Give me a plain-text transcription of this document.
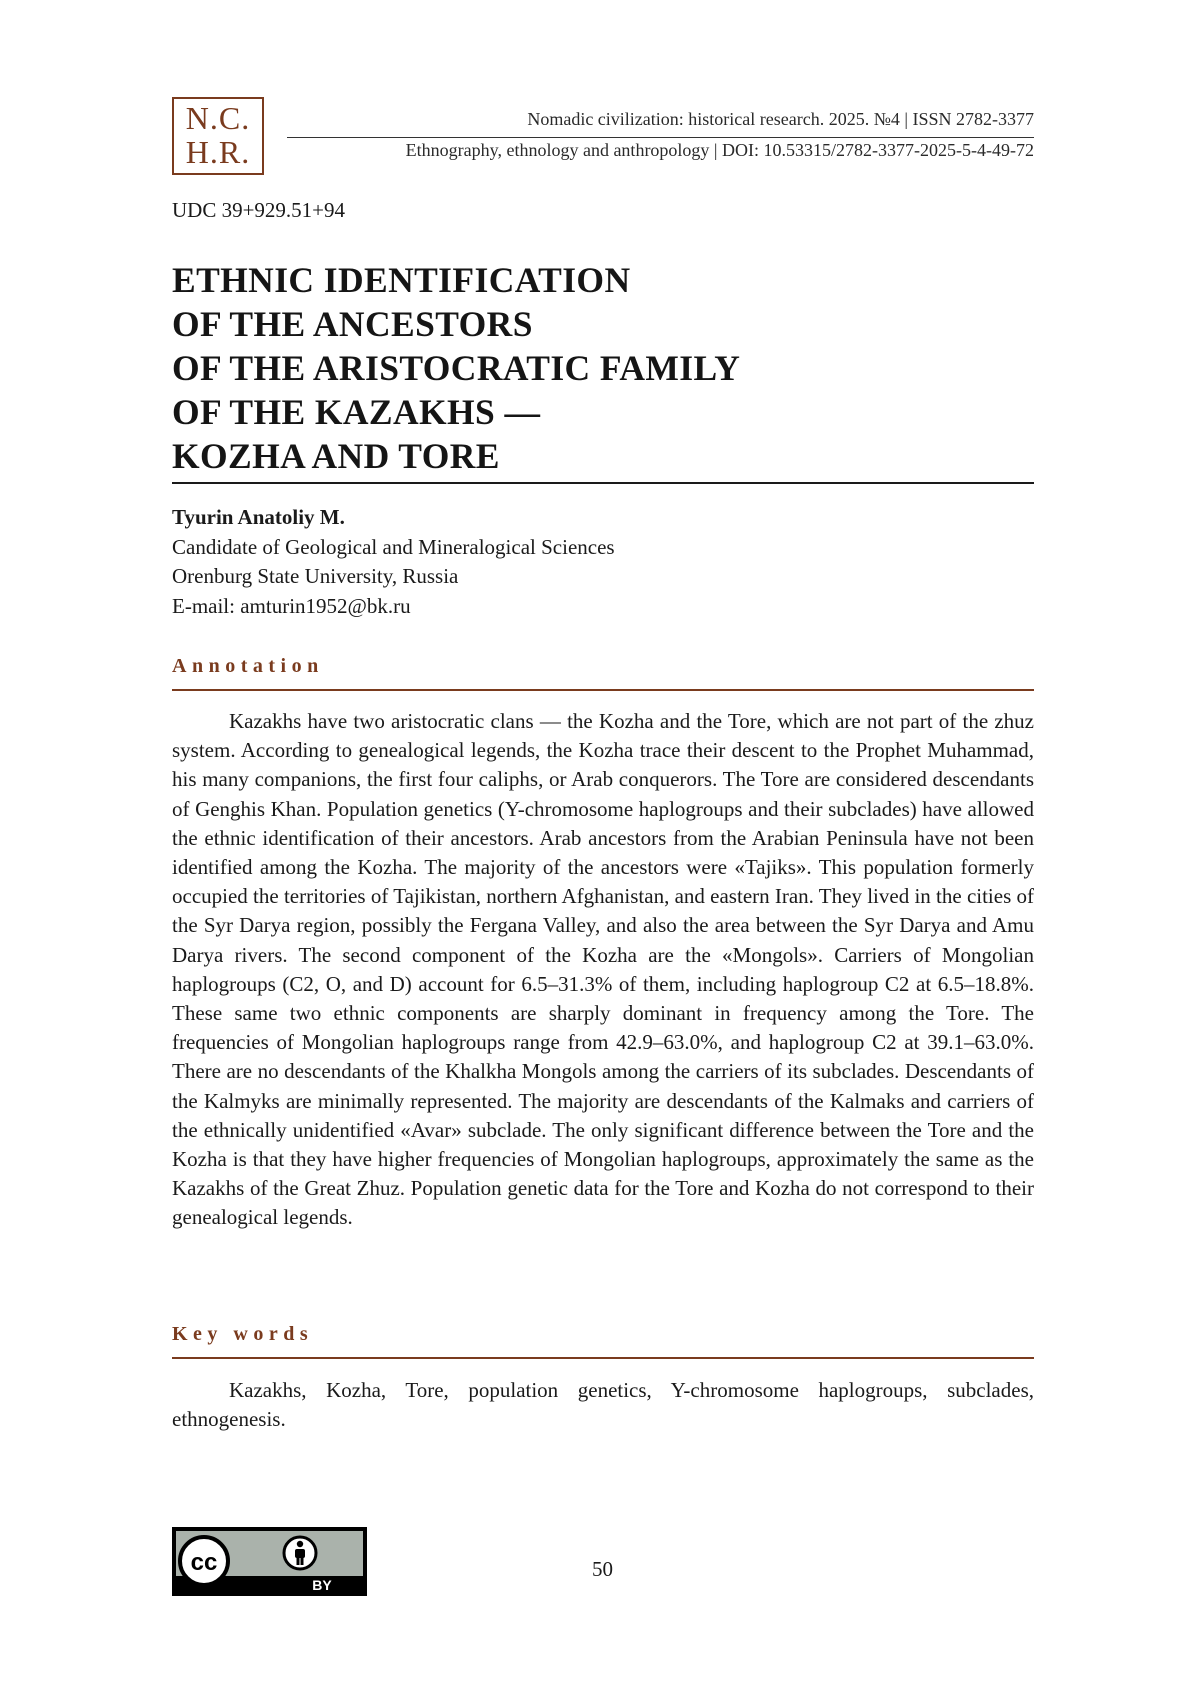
N.C.
H.R.
Nomadic civilization: historical research. 2025. №4 | ISSN 2782-3377
Ethnography, ethnology and anthropology | DOI: 10.53315/2782-3377-2025-5-4-49-72
UDC 39+929.51+94
ETHNIC IDENTIFICATION
OF THE ANCESTORS
OF THE ARISTOCRATIC FAMILY
OF THE KAZAKHS —
KOZHA AND TORE
Tyurin Anatoliy M.
Candidate of Geological and Mineralogical Sciences
Orenburg State University, Russia
E-mail: amturin1952@bk.ru
Annotation

Kazakhs have two aristocratic clans — the Kozha and the Tore, which are not part of the zhuz system. According to genealogical legends, the Kozha trace their descent to the Prophet Muhammad, his many companions, the first four caliphs, or Arab conquerors. The Tore are considered descendants of Genghis Khan. Population genetics (Y-chromosome haplogroups and their subclades) have allowed the ethnic identification of their ancestors. Arab ancestors from the Arabian Peninsula have not been identified among the Kozha. The majority of the ancestors were «Tajiks». This population formerly occupied the territories of Tajikistan, northern Afghanistan, and eastern Iran. They lived in the cities of the Syr Darya region, possibly the Fergana Valley, and also the area between the Syr Darya and Amu Darya rivers. The second component of the Kozha are the «Mongols». Carriers of Mongolian haplogroups (C2, O, and D) account for 6.5–31.3% of them, including haplogroup C2 at 6.5–18.8%. These same two ethnic components are sharply dominant in frequency among the Tore. The frequencies of Mongolian haplogroups range from 42.9–63.0%, and haplogroup C2 at 39.1–63.0%. There are no descendants of the Khalkha Mongols among the carriers of its subclades. Descendants of the Kalmyks are minimally represented. The majority are descendants of the Kalmaks and carriers of the ethnically unidentified «Avar» subclade. The only significant difference between the Tore and the Kozha is that they have higher frequencies of Mongolian haplogroups, approximately the same as the Kazakhs of the Great Zhuz. Population genetic data for the Tore and Kozha do not correspond to their genealogical legends.

Key words

Kazakhs, Kozha, Tore, population genetics, Y-chromosome haplogroups, subclades, ethnogenesis.

cc
BY
50
